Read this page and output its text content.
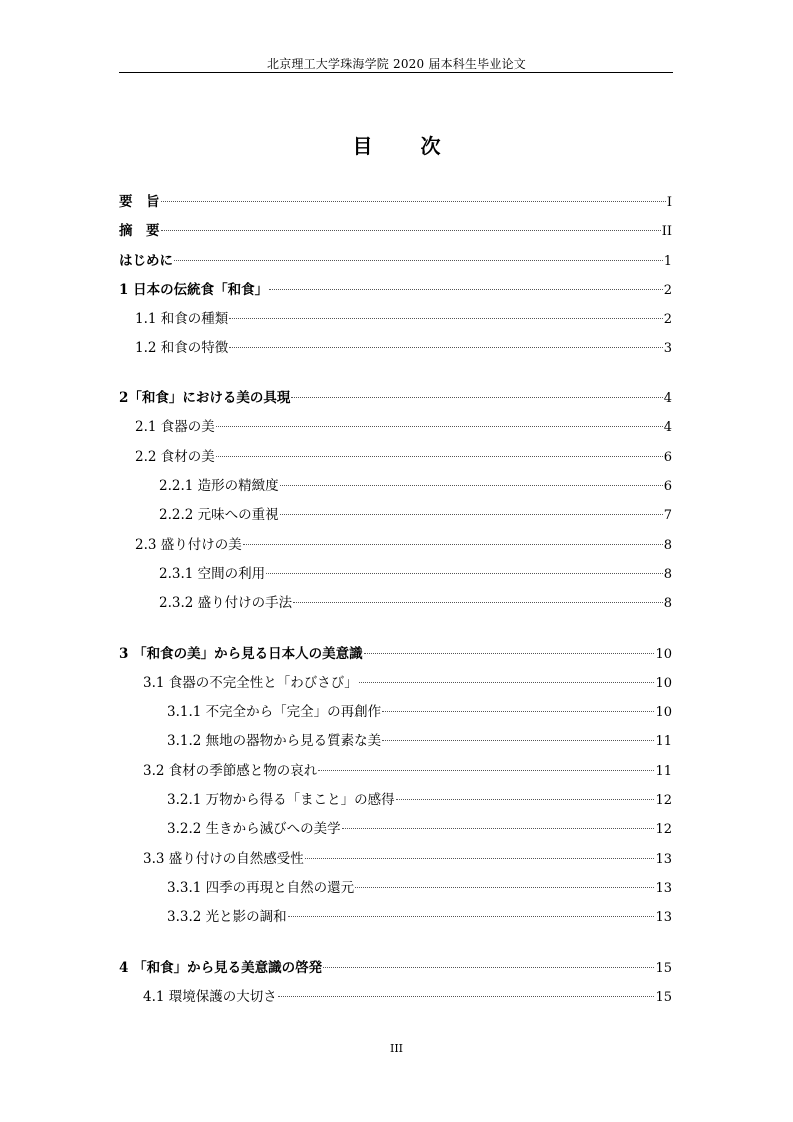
北京理工大学珠海学院 2020 届本科生毕业论文
目　次
要　旨	I
摘　要	II
はじめに	1
1 日本の伝統食「和食」	2
1.1 和食の種類	2
1.2 和食の特徴	3
2「和食」における美の具現	4
2.1 食器の美	4
2.2 食材の美	6
2.2.1 造形の精緻度	6
2.2.2 元味への重視	7
2.3 盛り付けの美	8
2.3.1 空間の利用	8
2.3.2 盛り付けの手法	8
3 「和食の美」から見る日本人の美意識	10
3.1 食器の不完全性と「わびさび」	10
3.1.1 不完全から「完全」の再創作	10
3.1.2 無地の器物から見る質素な美	11
3.2 食材の季節感と物の哀れ	11
3.2.1 万物から得る「まこと」の感得	12
3.2.2 生きから滅びへの美学	12
3.3 盛り付けの自然感受性	13
3.3.1 四季の再現と自然の還元	13
3.3.2 光と影の調和	13
4 「和食」から見る美意識の啓発	15
4.1 環境保護の大切さ	15
III
